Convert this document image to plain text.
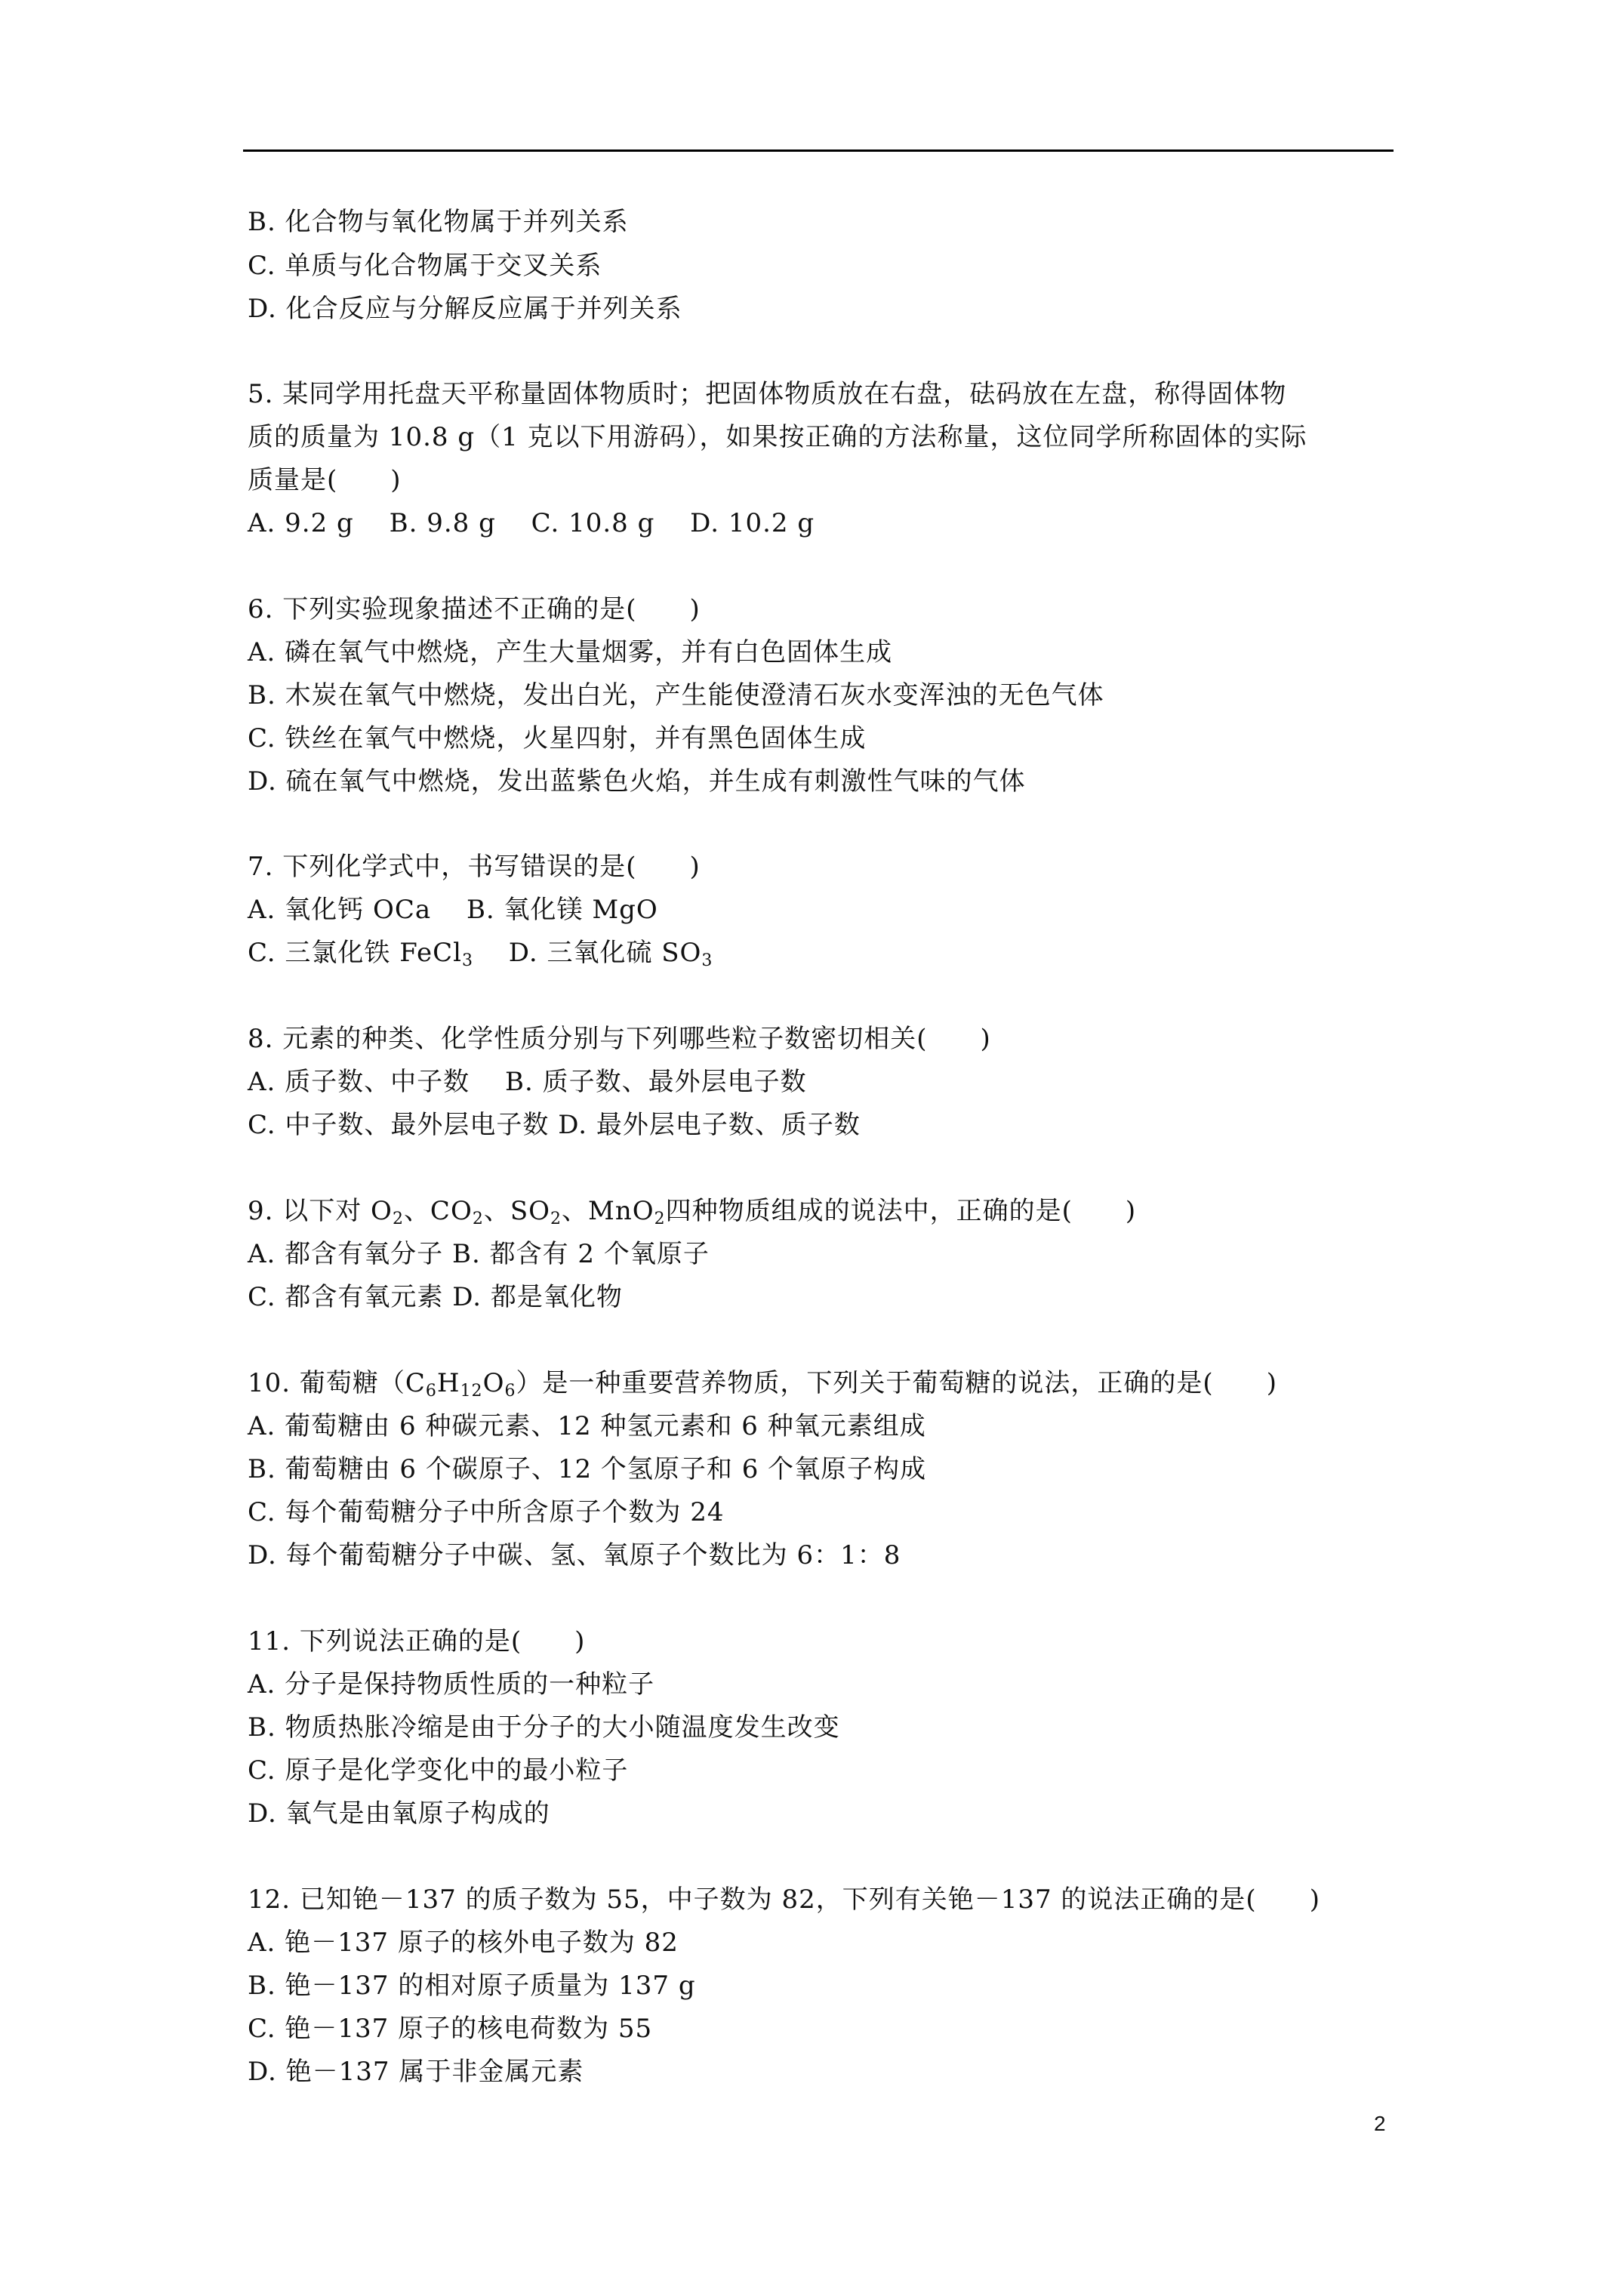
B. 化合物与氧化物属于并列关系
C. 单质与化合物属于交叉关系
D. 化合反应与分解反应属于并列关系
5. 某同学用托盘天平称量固体物质时；把固体物质放在右盘，砝码放在左盘，称得固体物
质的质量为 10.8 g（1 克以下用游码），如果按正确的方法称量，这位同学所称固体的实际
质量是(　　)
A. 9.2 g　 B. 9.8 g　 C. 10.8 g　 D. 10.2 g
6. 下列实验现象描述不正确的是(　　)
A. 磷在氧气中燃烧，产生大量烟雾，并有白色固体生成
B. 木炭在氧气中燃烧，发出白光，产生能使澄清石灰水变浑浊的无色气体
C. 铁丝在氧气中燃烧，火星四射，并有黑色固体生成
D. 硫在氧气中燃烧，发出蓝紫色火焰，并生成有刺激性气味的气体
7. 下列化学式中，书写错误的是(　　)
A. 氧化钙 OCa　 B. 氧化镁 MgO
C. 三氯化铁 FeCl$_3$　 D. 三氧化硫 $SO_3$
8. 元素的种类、化学性质分别与下列哪些粒子数密切相关(　　)
A. 质子数、中子数　 B. 质子数、最外层电子数
C. 中子数、最外层电子数 D. 最外层电子数、质子数
9. 以下对 $O_2$、$CO_2$、$SO_2$、MnO$_2$四种物质组成的说法中，正确的是(　　)
A. 都含有氧分子 B. 都含有 2 个氧原子
C. 都含有氧元素 D. 都是氧化物
10. 葡萄糖$(C_6H_{12}O_6)$是一种重要营养物质，下列关于葡萄糖的说法，正确的是(　　)
A. 葡萄糖由 6 种碳元素、12 种氢元素和 6 种氧元素组成
B. 葡萄糖由 6 个碳原子、12 个氢原子和 6 个氧原子构成
C. 每个葡萄糖分子中所含原子个数为 24
D. 每个葡萄糖分子中碳、氢、氧原子个数比为 6：1：8
11. 下列说法正确的是(　　)
A. 分子是保持物质性质的一种粒子
B. 物质热胀冷缩是由于分子的大小随温度发生改变
C. 原子是化学变化中的最小粒子
D. 氧气是由氧原子构成的
12. 已知铯－137 的质子数为 55，中子数为 82，下列有关铯－137 的说法正确的是(　　)
A. 铯－137 原子的核外电子数为 82
B. 铯－137 的相对原子质量为 137 g
C. 铯－137 原子的核电荷数为 55
D. 铯－137 属于非金属元素
2
